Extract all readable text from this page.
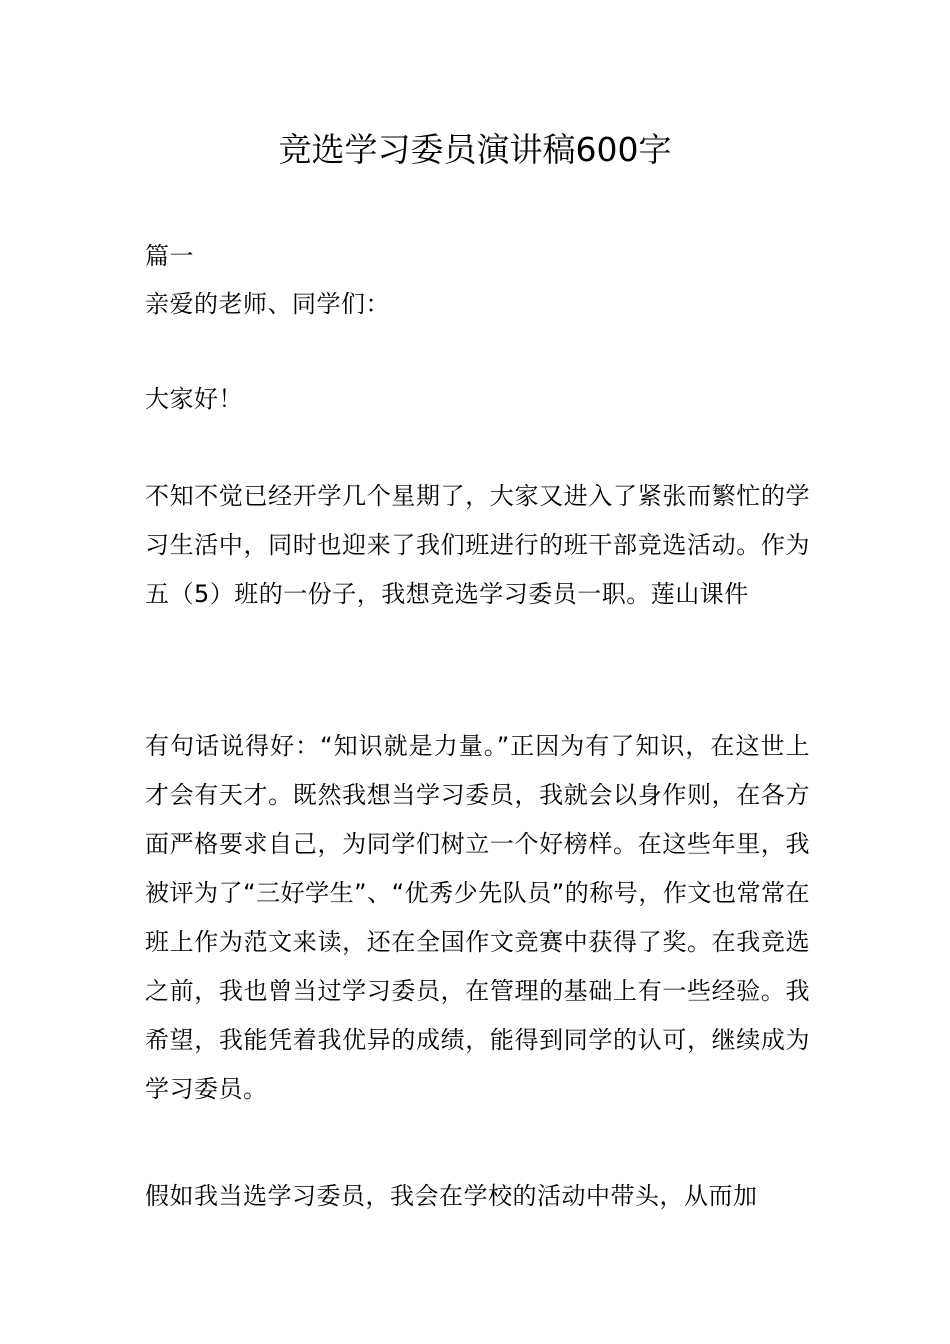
竞选学习委员演讲稿600字

篇一

亲爱的老师、同学们：

大家好！

不知不觉已经开学几个星期了，大家又进入了紧张而繁忙的学习生活中，同时也迎来了我们班进行的班干部竞选活动。作为五（5）班的一份子，我想竞选学习委员一职。莲山课件

有句话说得好：“知识就是力量。”正因为有了知识，在这世上才会有天才。既然我想当学习委员，我就会以身作则，在各方面严格要求自己，为同学们树立一个好榜样。在这些年里，我被评为了“三好学生”、“优秀少先队员”的称号，作文也常常在班上作为范文来读，还在全国作文竞赛中获得了奖。在我竞选之前，我也曾当过学习委员，在管理的基础上有一些经验。我希望，我能凭着我优异的成绩，能得到同学的认可，继续成为学习委员。

假如我当选学习委员，我会在学校的活动中带头，从而加
